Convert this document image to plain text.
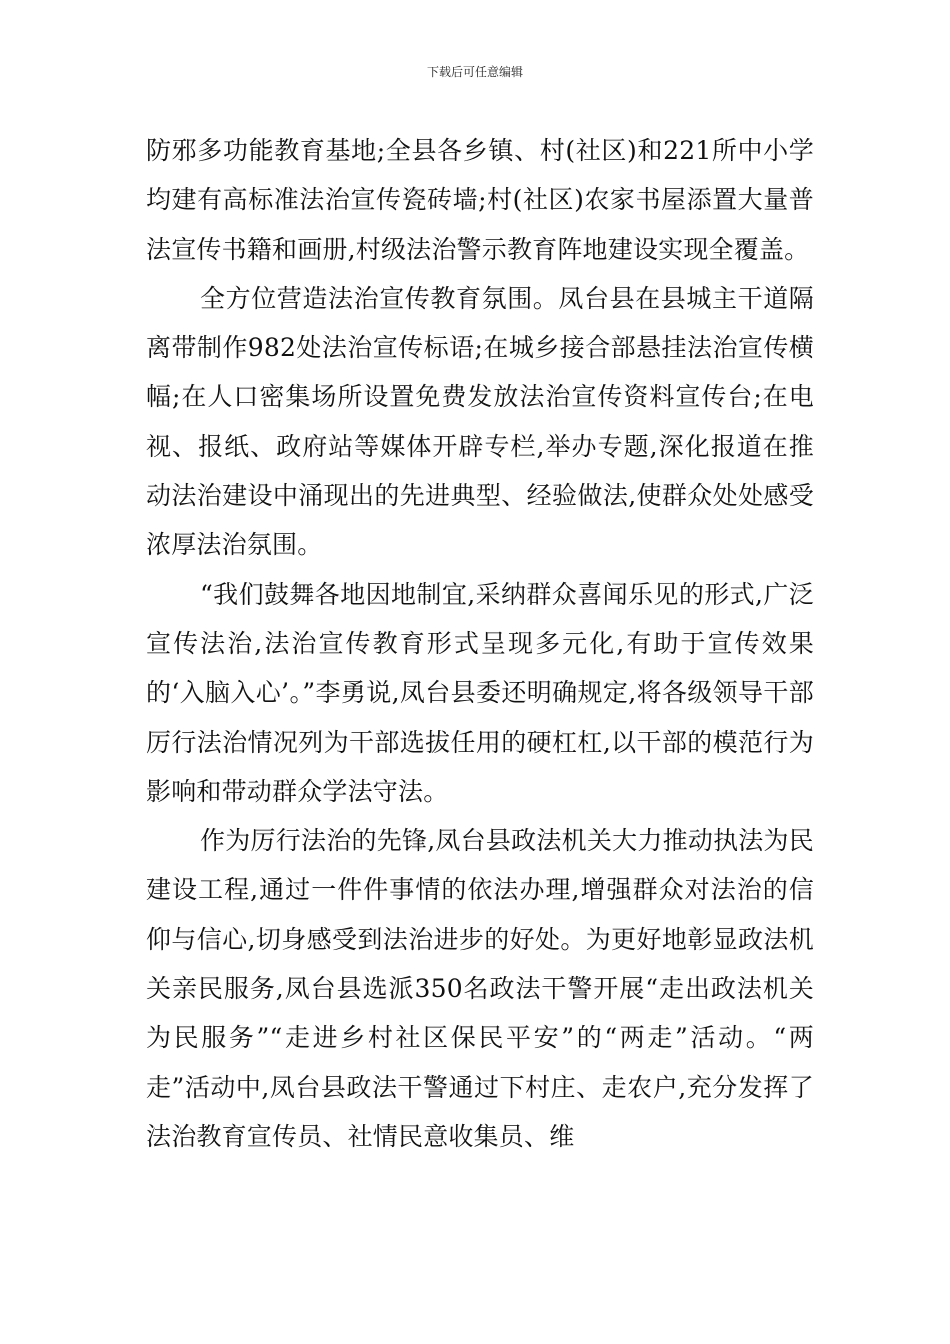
下载后可任意编辑

防邪多功能教育基地;全县各乡镇、村(社区)和221所中小学均建有高标准法治宣传瓷砖墙;村(社区)农家书屋添置大量普法宣传书籍和画册,村级法治警示教育阵地建设实现全覆盖。

全方位营造法治宣传教育氛围。凤台县在县城主干道隔离带制作982处法治宣传标语;在城乡接合部悬挂法治宣传横幅;在人口密集场所设置免费发放法治宣传资料宣传台;在电视、报纸、政府站等媒体开辟专栏,举办专题,深化报道在推动法治建设中涌现出的先进典型、经验做法,使群众处处感受浓厚法治氛围。

“我们鼓舞各地因地制宜,采纳群众喜闻乐见的形式,广泛宣传法治,法治宣传教育形式呈现多元化,有助于宣传效果的‘入脑入心’。”李勇说,凤台县委还明确规定,将各级领导干部厉行法治情况列为干部选拔任用的硬杠杠,以干部的模范行为影响和带动群众学法守法。

作为厉行法治的先锋,凤台县政法机关大力推动执法为民建设工程,通过一件件事情的依法办理,增强群众对法治的信仰与信心,切身感受到法治进步的好处。为更好地彰显政法机关亲民服务,凤台县选派350名政法干警开展“走出政法机关为民服务”“走进乡村社区保民平安”的“两走”活动。“两走”活动中,凤台县政法干警通过下村庄、走农户,充分发挥了法治教育宣传员、社情民意收集员、维
